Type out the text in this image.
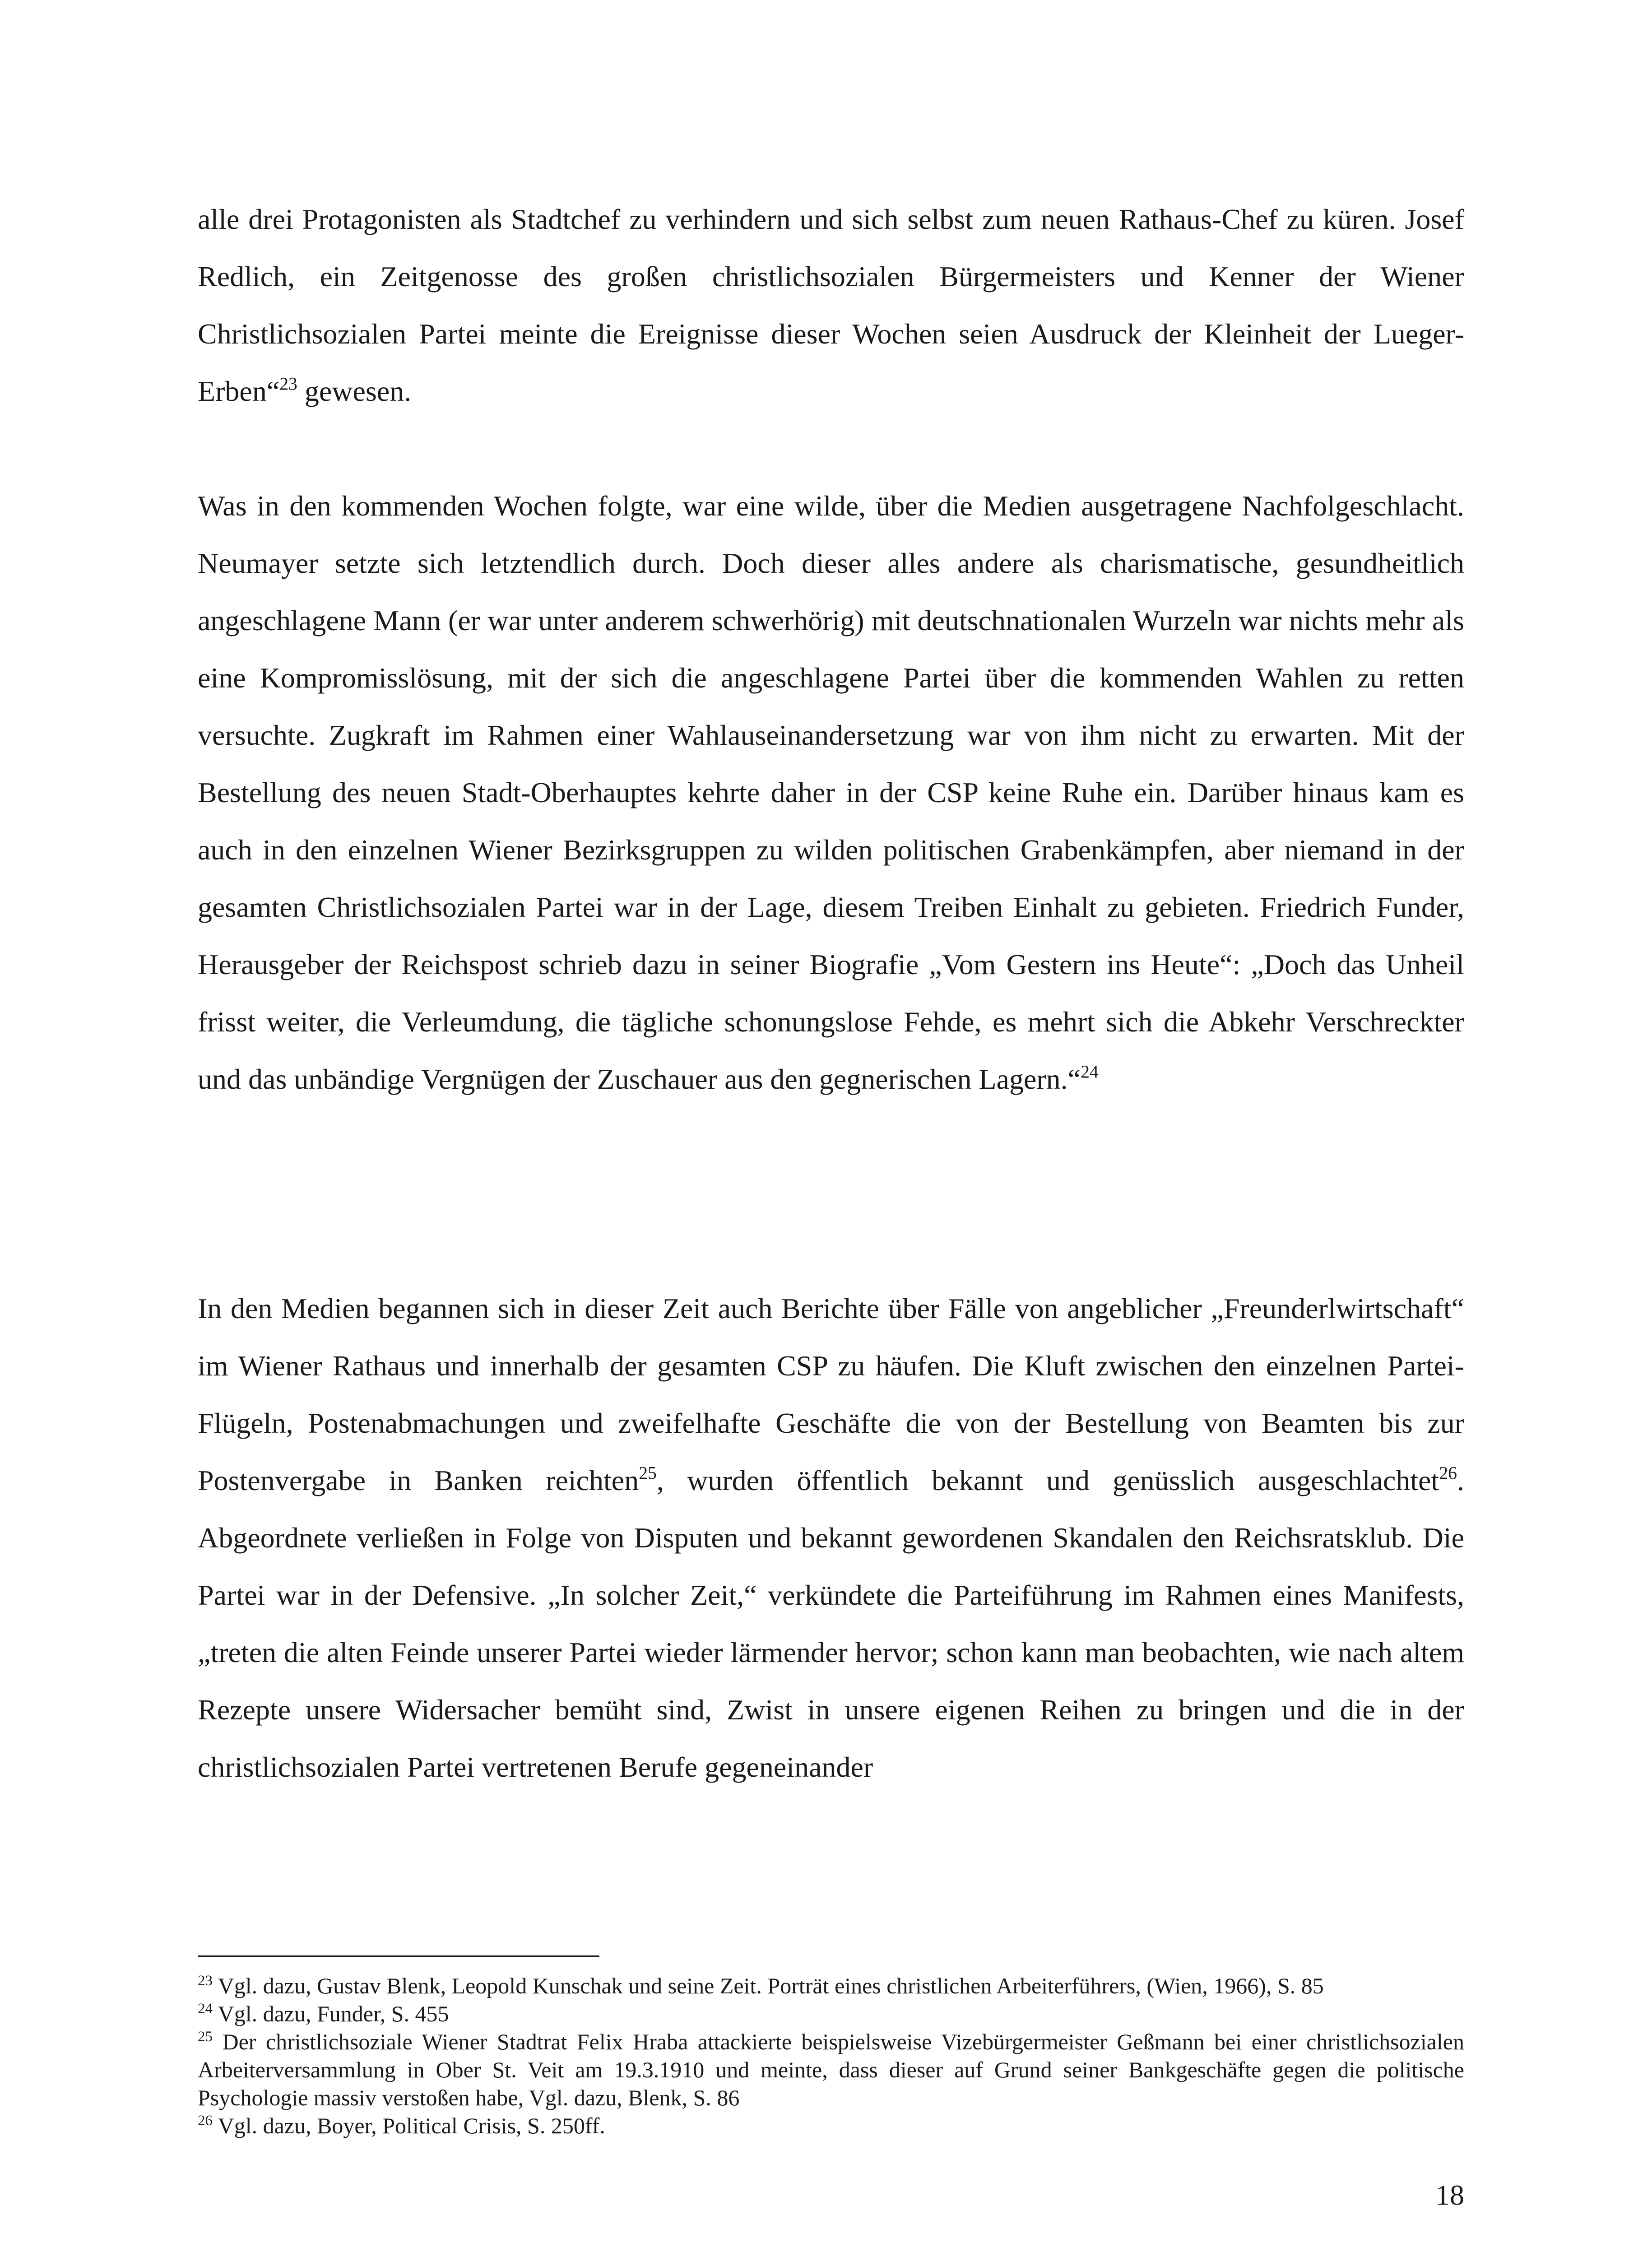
alle drei Protagonisten als Stadtchef zu verhindern und sich selbst zum neuen Rathaus-Chef zu küren. Josef Redlich, ein Zeitgenosse des großen christlichsozialen Bürgermeisters und Kenner der Wiener Christlichsozialen Partei meinte die Ereignisse dieser Wochen seien Ausdruck der Kleinheit der Lueger-Erben“$^{23}$ gewesen.

Was in den kommenden Wochen folgte, war eine wilde, über die Medien ausgetragene Nachfolgeschlacht. Neumayer setzte sich letztendlich durch. Doch dieser alles andere als charismatische, gesundheitlich angeschlagene Mann (er war unter anderem schwerhörig) mit deutschnationalen Wurzeln war nichts mehr als eine Kompromisslösung, mit der sich die angeschlagene Partei über die kommenden Wahlen zu retten versuchte. Zugkraft im Rahmen einer Wahlauseinandersetzung war von ihm nicht zu erwarten. Mit der Bestellung des neuen Stadt-Oberhauptes kehrte daher in der CSP keine Ruhe ein. Darüber hinaus kam es auch in den einzelnen Wiener Bezirksgruppen zu wilden politischen Grabenkämpfen, aber niemand in der gesamten Christlichsozialen Partei war in der Lage, diesem Treiben Einhalt zu gebieten. Friedrich Funder, Herausgeber der Reichspost schrieb dazu in seiner Biografie „Vom Gestern ins Heute“: „Doch das Unheil frisst weiter, die Verleumdung, die tägliche schonungslose Fehde, es mehrt sich die Abkehr Verschreckter und das unbändige Vergnügen der Zuschauer aus den gegnerischen Lagern.“$^{24}$

In den Medien begannen sich in dieser Zeit auch Berichte über Fälle von angeblicher „Freunderlwirtschaft“ im Wiener Rathaus und innerhalb der gesamten CSP zu häufen. Die Kluft zwischen den einzelnen Partei-Flügeln, Postenabmachungen und zweifelhafte Geschäfte die von der Bestellung von Beamten bis zur Postenvergabe in Banken reichten$^{25}$, wurden öffentlich bekannt und genüsslich ausgeschlachtet$^{26}$. Abgeordnete verließen in Folge von Disputen und bekannt gewordenen Skandalen den Reichsratsklub. Die Partei war in der Defensive. „In solcher Zeit,“ verkündete die Parteiführung im Rahmen eines Manifests, „treten die alten Feinde unserer Partei wieder lärmender hervor; schon kann man beobachten, wie nach altem Rezepte unsere Widersacher bemüht sind, Zwist in unsere eigenen Reihen zu bringen und die in der christlichsozialen Partei vertretenen Berufe gegeneinander

$^{23}$ Vgl. dazu, Gustav Blenk, Leopold Kunschak und seine Zeit. Porträt eines christlichen Arbeiterführers, (Wien, 1966), S. 85

$^{24}$ Vgl. dazu, Funder, S. 455

$^{25}$ Der christlichsoziale Wiener Stadtrat Felix Hraba attackierte beispielsweise Vizebürgermeister Geßmann bei einer christlichsozialen Arbeiterversammlung in Ober St. Veit am 19.3.1910 und meinte, dass dieser auf Grund seiner Bankgeschäfte gegen die politische Psychologie massiv verstoßen habe, Vgl. dazu, Blenk, S. 86

$^{26}$ Vgl. dazu, Boyer, Political Crisis, S. 250ff.

18
